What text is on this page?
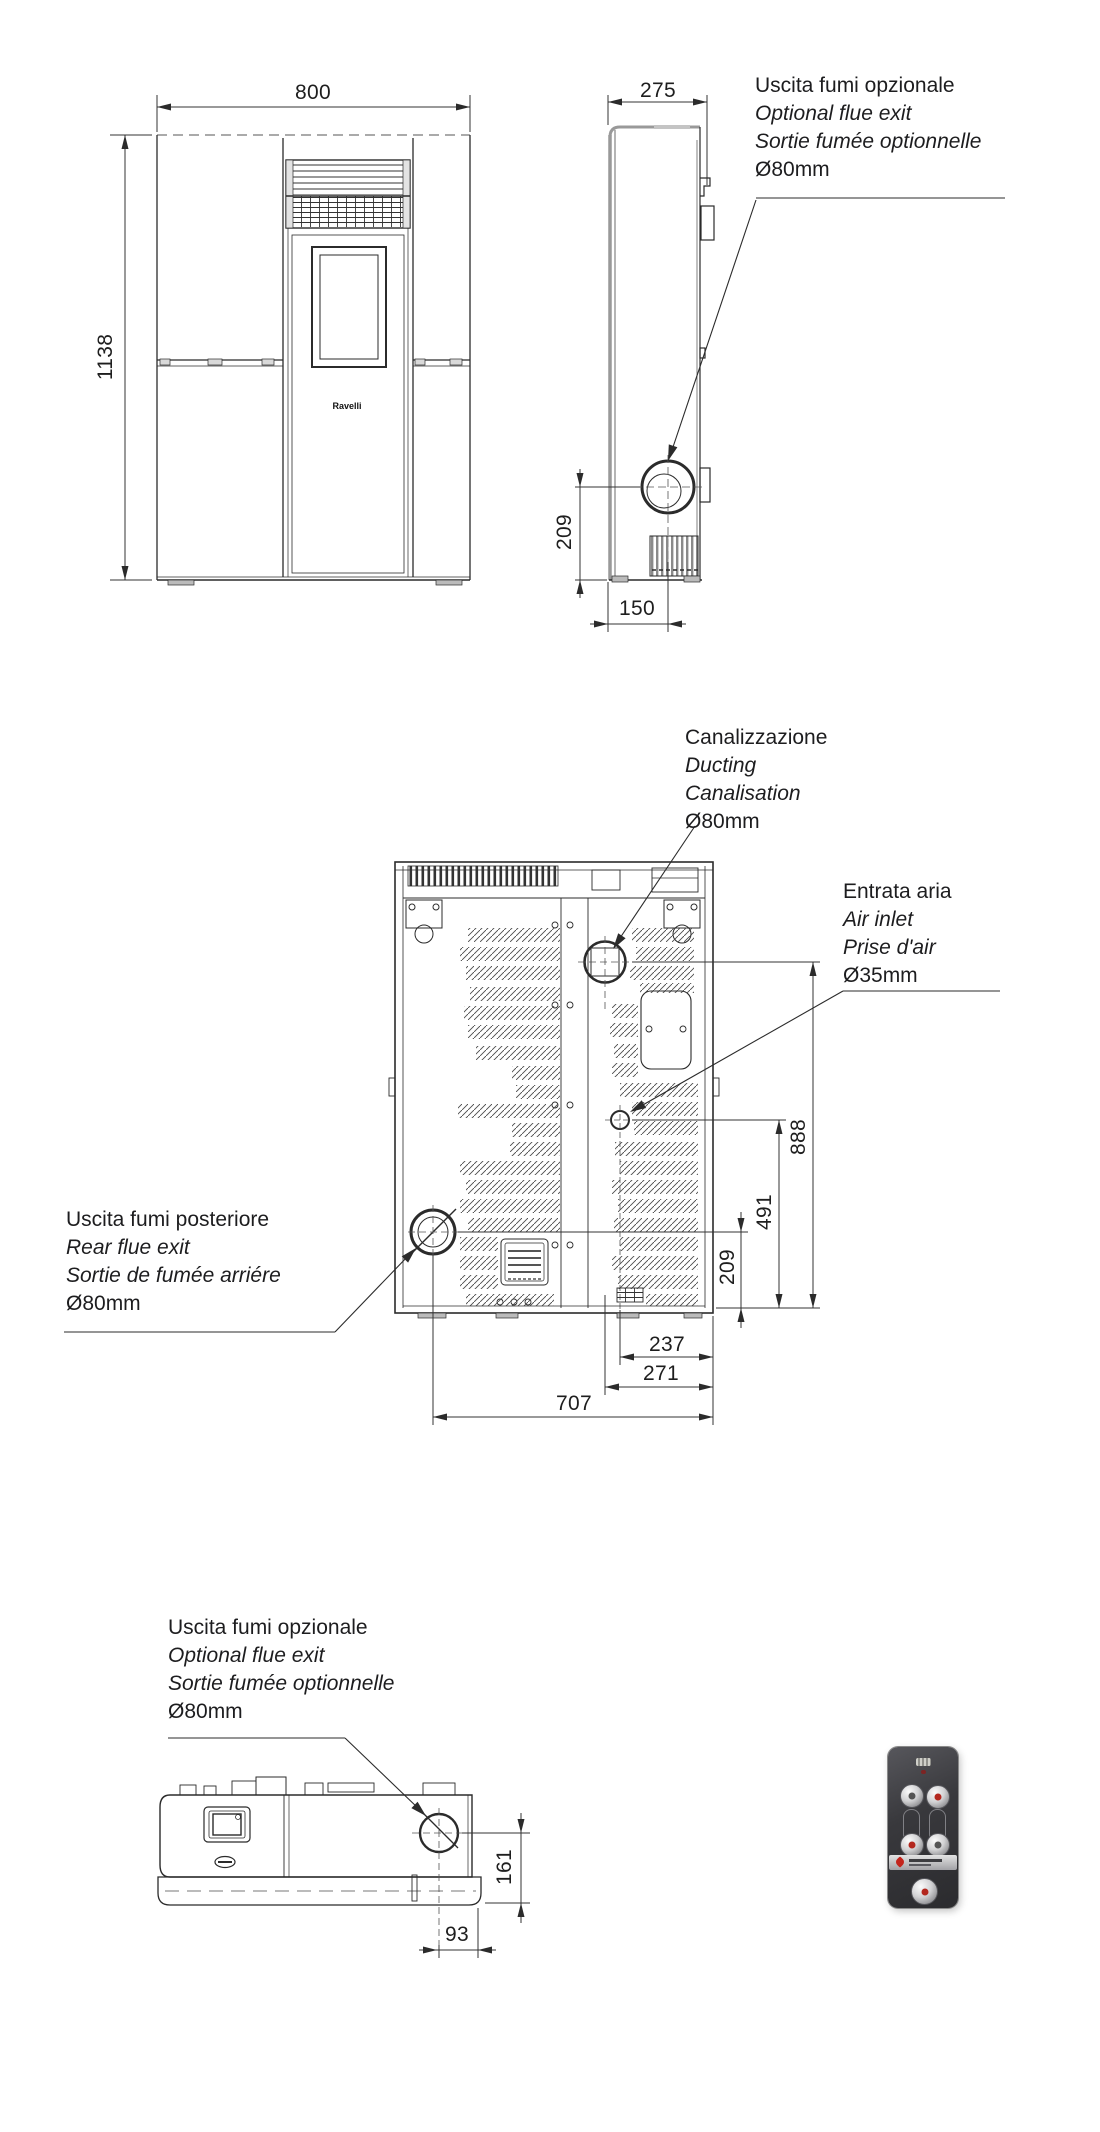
800
1138
275
209
150
888
491
209
237
271
707
161
93
Ravelli
Uscita fumi opzionale
Optional flue exit
Sortie fumée optionnelle
Ø80mm
Canalizzazione
Ducting
Canalisation
Ø80mm
Entrata aria
Air inlet
Prise d'air
Ø35mm
Uscita fumi posteriore
Rear flue exit
Sortie de fumée arriére
Ø80mm
Uscita fumi opzionale
Optional flue exit
Sortie fumée optionnelle
Ø80mm
